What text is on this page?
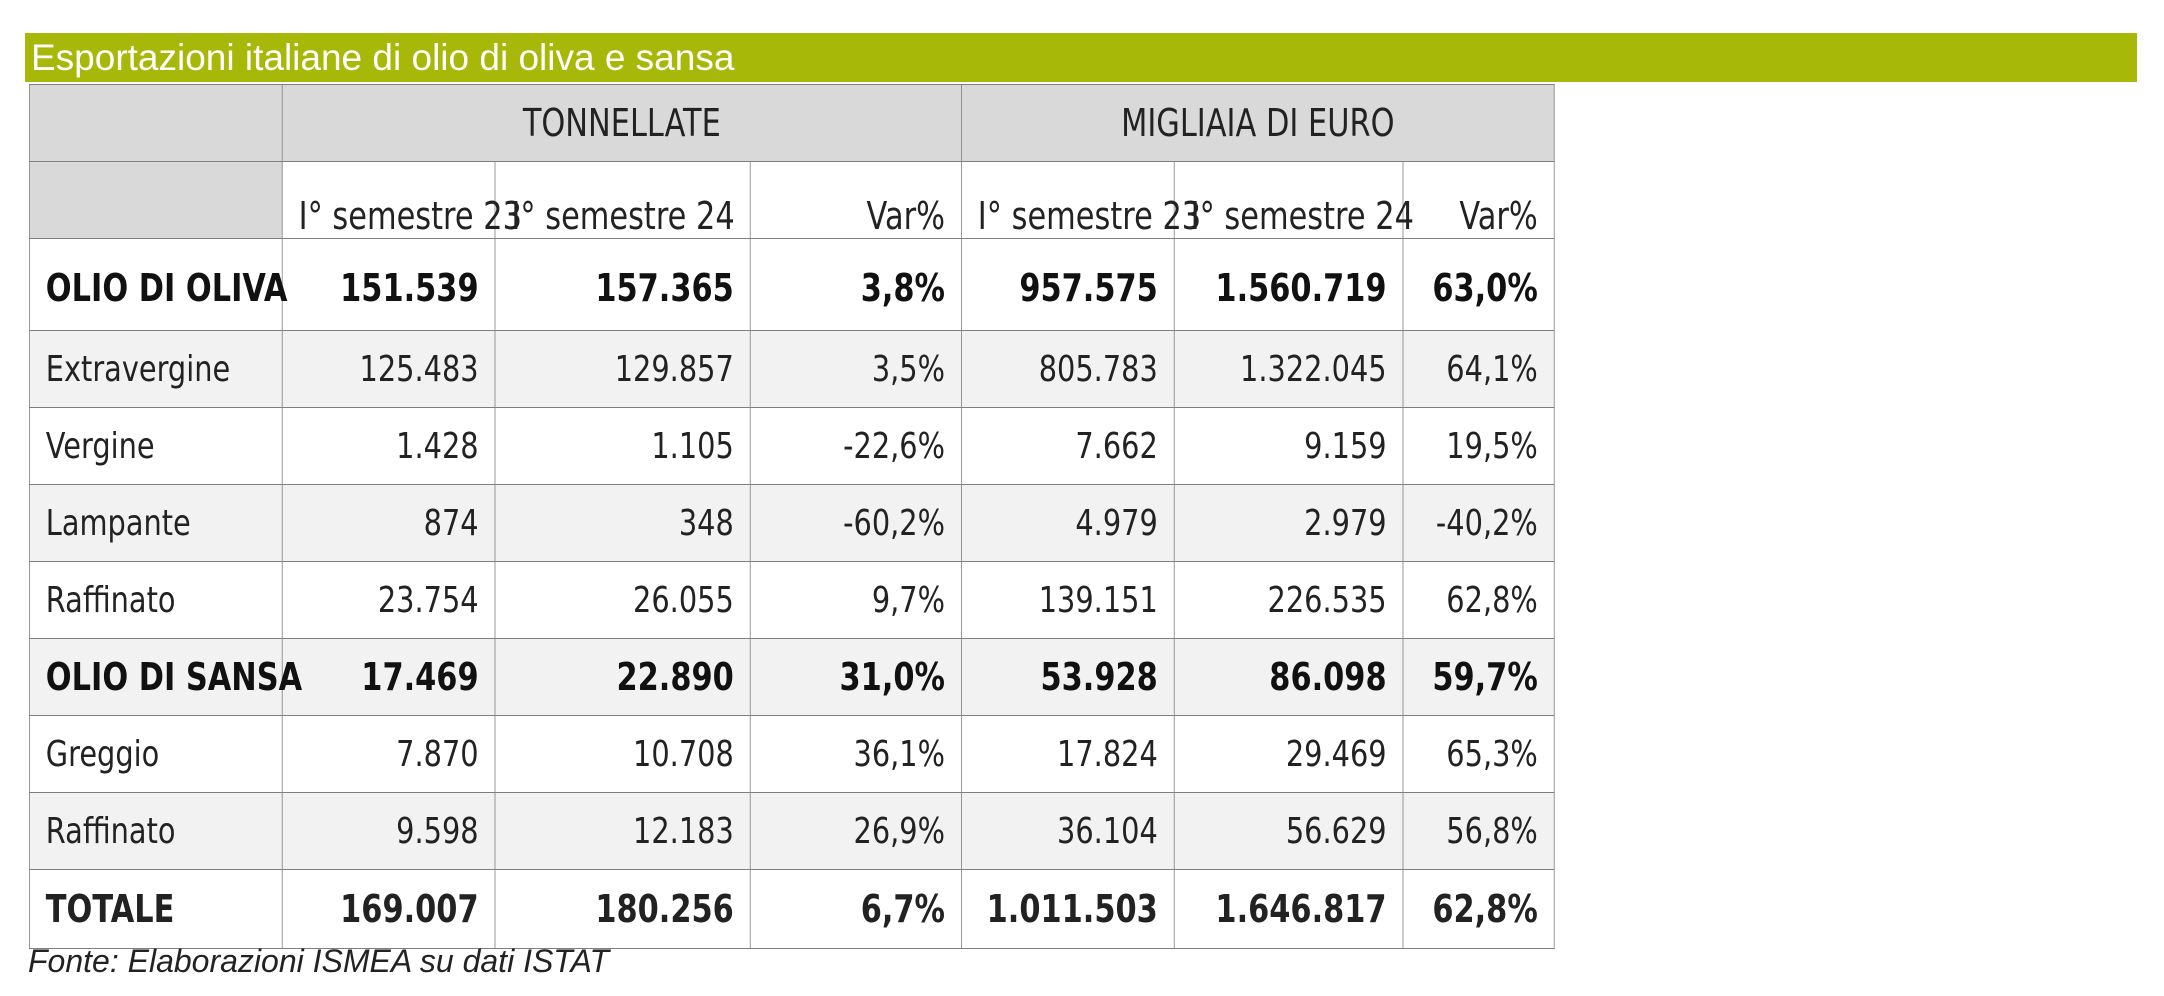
Esportazioni italiane di olio di oliva e sansa
	TONNELLATE			MIGLIAIA DI EURO		
	I° semestre 23	I° semestre 24	Var%	I° semestre 23	I° semestre 24	Var%
OLIO DI OLIVA	151.539	157.365	3,8%	957.575	1.560.719	63,0%
Extravergine	125.483	129.857	3,5%	805.783	1.322.045	64,1%
Vergine	1.428	1.105	-22,6%	7.662	9.159	19,5%
Lampante	874	348	-60,2%	4.979	2.979	-40,2%
Raffinato	23.754	26.055	9,7%	139.151	226.535	62,8%
OLIO DI SANSA	17.469	22.890	31,0%	53.928	86.098	59,7%
Greggio	7.870	10.708	36,1%	17.824	29.469	65,3%
Raffinato	9.598	12.183	26,9%	36.104	56.629	56,8%
TOTALE	169.007	180.256	6,7%	1.011.503	1.646.817	62,8%
Fonte: Elaborazioni ISMEA su dati ISTAT
